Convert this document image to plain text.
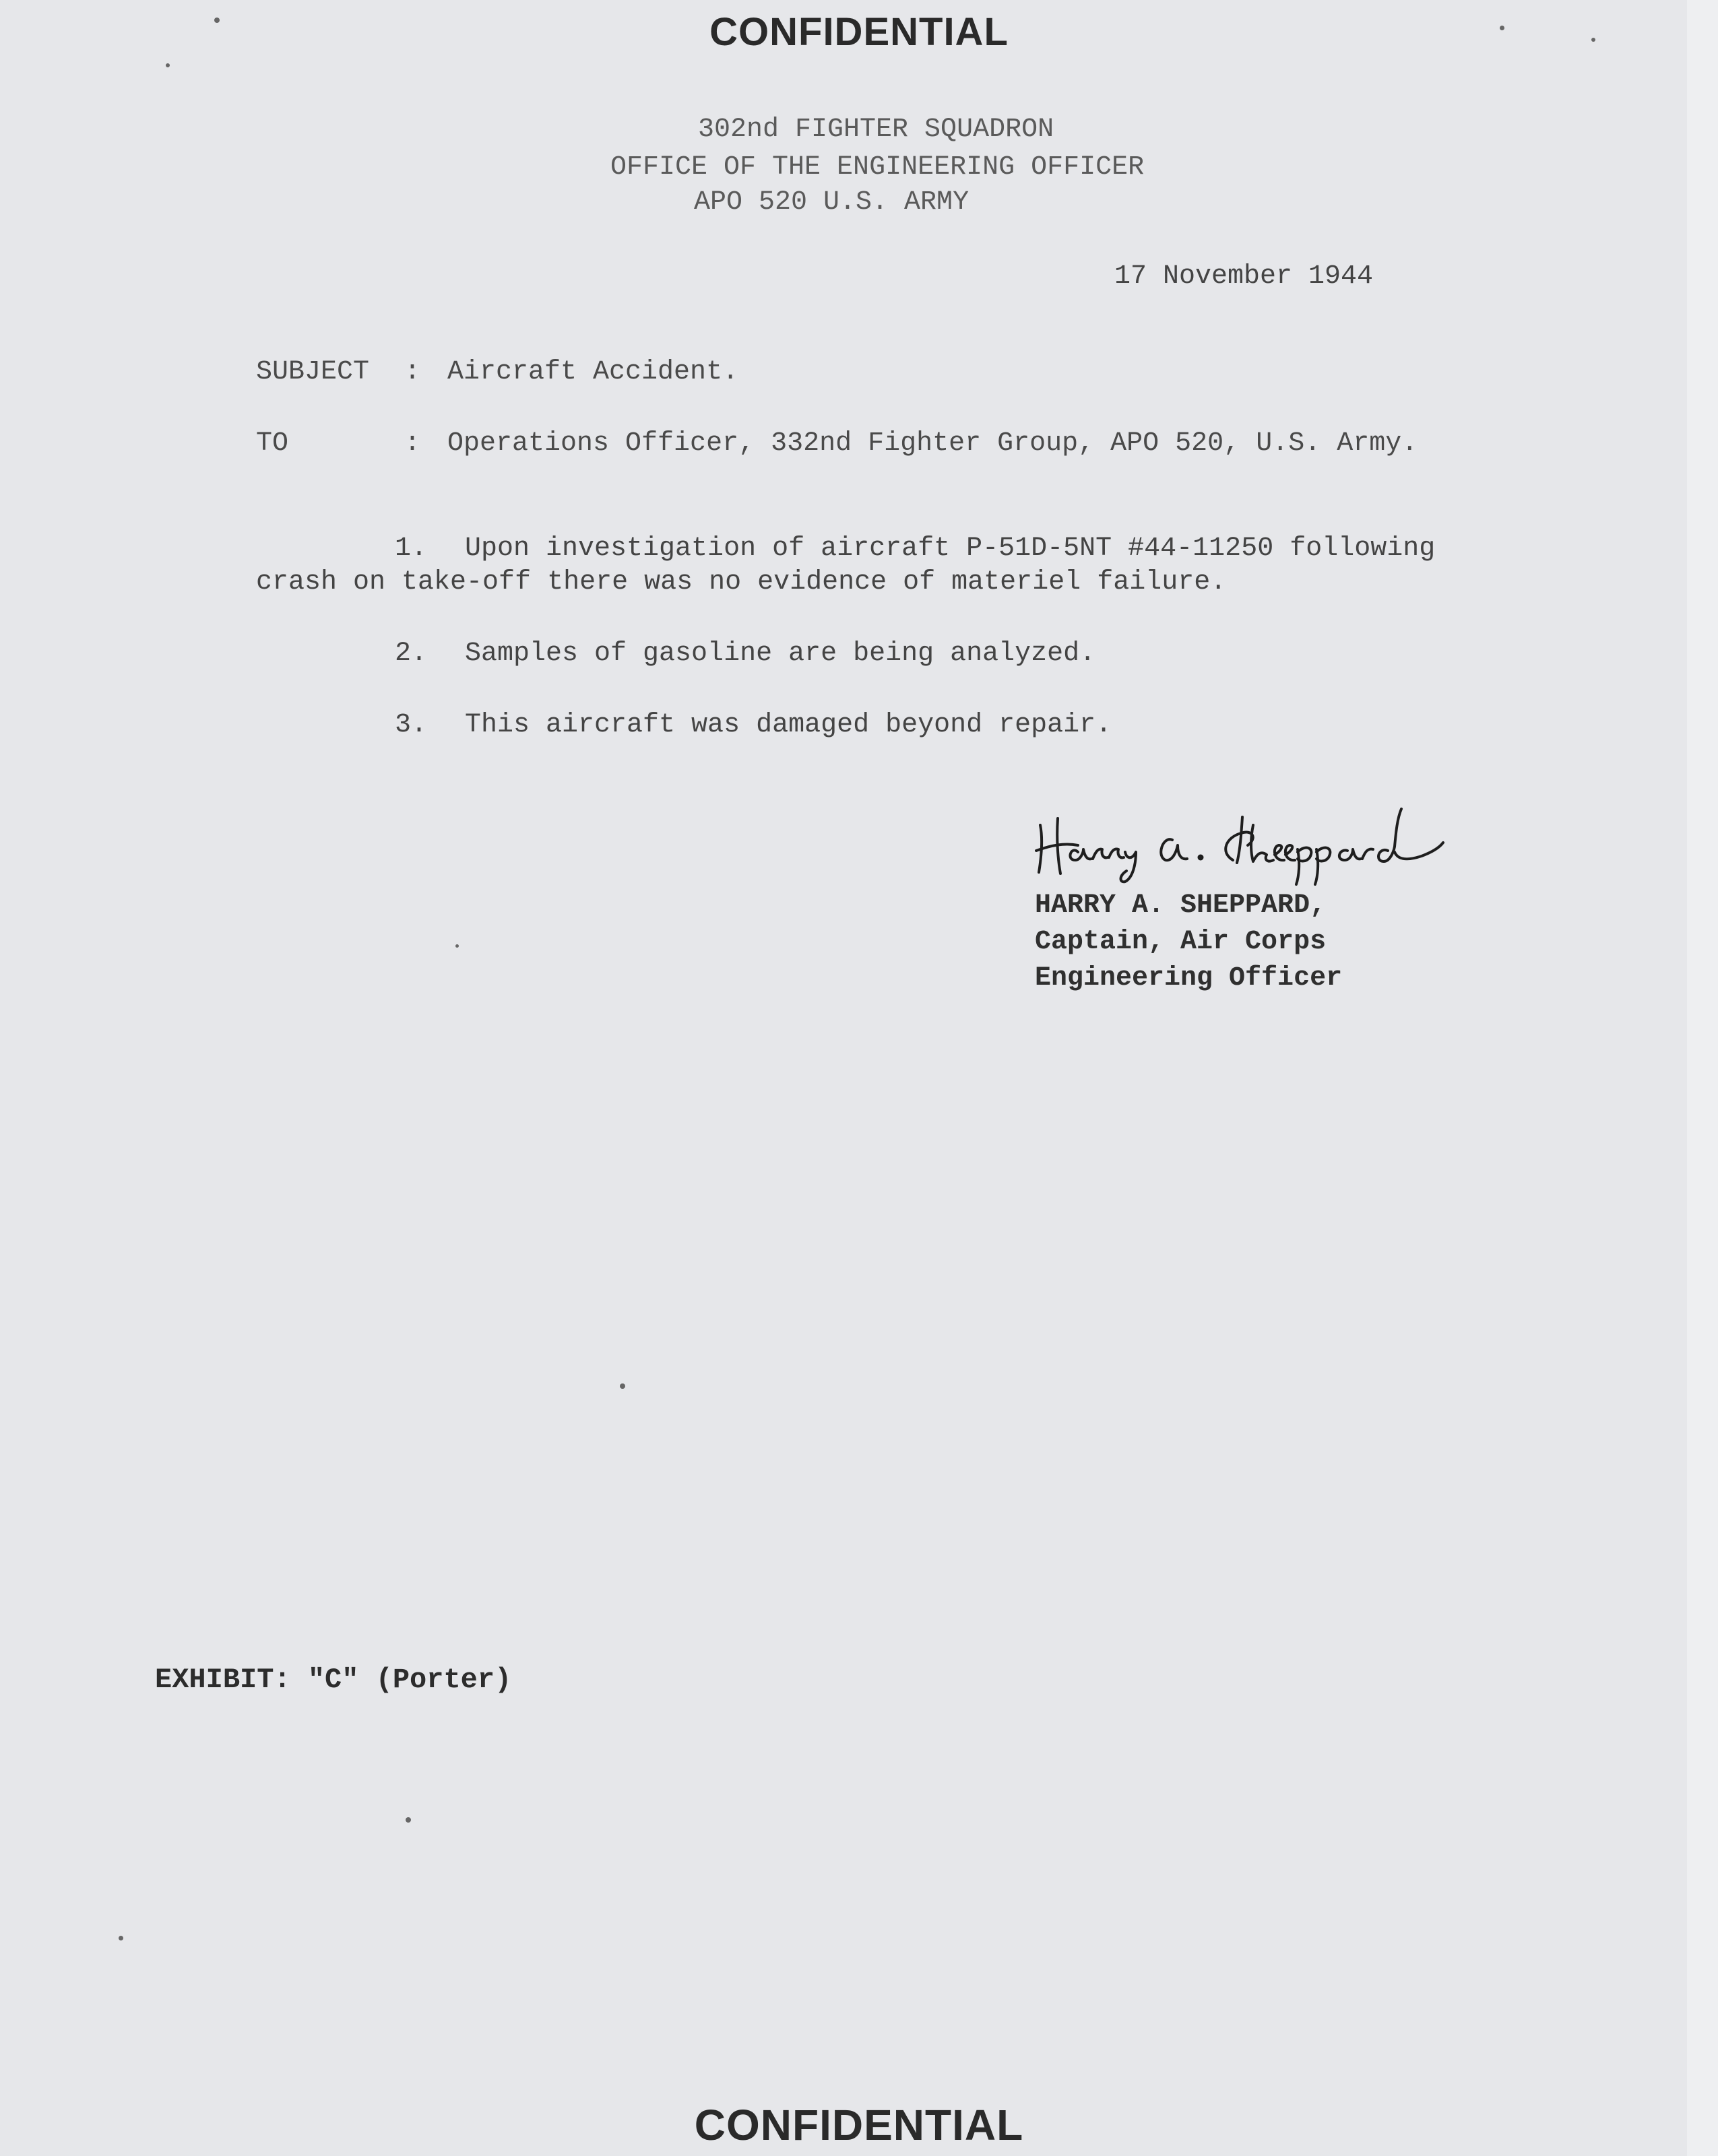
CONFIDENTIAL
302nd FIGHTER SQUADRON
OFFICE OF THE ENGINEERING OFFICER
APO 520 U.S. ARMY
17 November 1944
SUBJECT : Aircraft Accident.
TO	: Operations Officer, 332nd Fighter Group, APO 520, U.S. Army.
1. Upon investigation of aircraft P-51D-5NT #44-11250 following
crash on take-off there was no evidence of materiel failure.
2. Samples of gasoline are being analyzed.
3. This aircraft was damaged beyond repair.
HARRY A. SHEPPARD,
Captain, Air Corps
Engineering Officer
EXHIBIT: "C" (Porter)
CONFIDENTIAL
